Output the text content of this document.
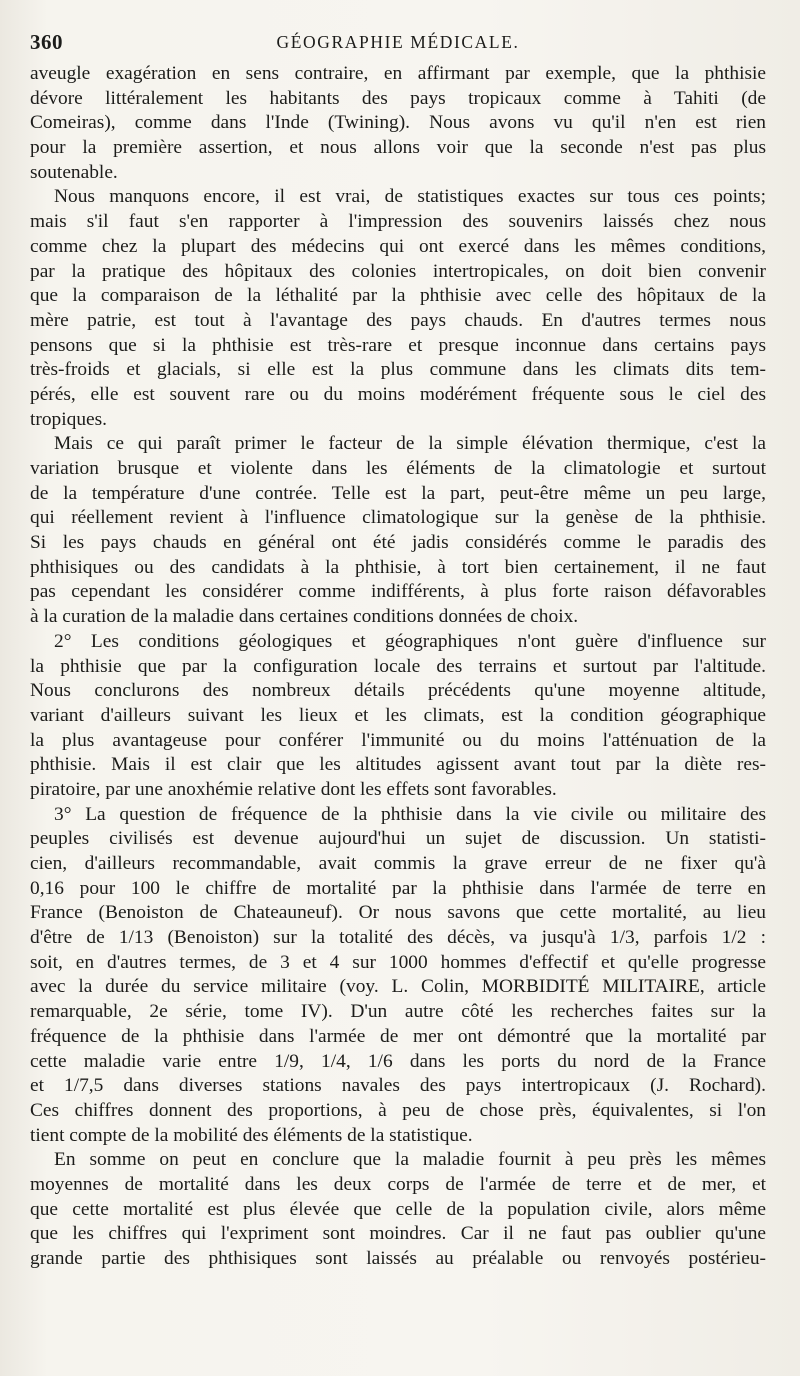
360	GÉOGRAPHIE MÉDICALE.
aveugle exagération en sens contraire, en affirmant par exemple, que la phthisie
dévore littéralement les habitants des pays tropicaux comme à Tahiti (de
Comeiras), comme dans l'Inde (Twining). Nous avons vu qu'il n'en est rien
pour la première assertion, et nous allons voir que la seconde n'est pas plus
soutenable.
Nous manquons encore, il est vrai, de statistiques exactes sur tous ces points;
mais s'il faut s'en rapporter à l'impression des souvenirs laissés chez nous
comme chez la plupart des médecins qui ont exercé dans les mêmes conditions,
par la pratique des hôpitaux des colonies intertropicales, on doit bien convenir
que la comparaison de la léthalité par la phthisie avec celle des hôpitaux de la
mère patrie, est tout à l'avantage des pays chauds. En d'autres termes nous
pensons que si la phthisie est très-rare et presque inconnue dans certains pays
très-froids et glacials, si elle est la plus commune dans les climats dits tem-
pérés, elle est souvent rare ou du moins modérément fréquente sous le ciel des
tropiques.
Mais ce qui paraît primer le facteur de la simple élévation thermique, c'est la
variation brusque et violente dans les éléments de la climatologie et surtout
de la température d'une contrée. Telle est la part, peut-être même un peu large,
qui réellement revient à l'influence climatologique sur la genèse de la phthisie.
Si les pays chauds en général ont été jadis considérés comme le paradis des
phthisiques ou des candidats à la phthisie, à tort bien certainement, il ne faut
pas cependant les considérer comme indifférents, à plus forte raison défavorables
à la curation de la maladie dans certaines conditions données de choix.
2° Les conditions géologiques et géographiques n'ont guère d'influence sur
la phthisie que par la configuration locale des terrains et surtout par l'altitude.
Nous conclurons des nombreux détails précédents qu'une moyenne altitude,
variant d'ailleurs suivant les lieux et les climats, est la condition géographique
la plus avantageuse pour conférer l'immunité ou du moins l'atténuation de la
phthisie. Mais il est clair que les altitudes agissent avant tout par la diète res-
piratoire, par une anoxhémie relative dont les effets sont favorables.
3° La question de fréquence de la phthisie dans la vie civile ou militaire des
peuples civilisés est devenue aujourd'hui un sujet de discussion. Un statisti-
cien, d'ailleurs recommandable, avait commis la grave erreur de ne fixer qu'à
0,16 pour 100 le chiffre de mortalité par la phthisie dans l'armée de terre en
France (Benoiston de Chateauneuf). Or nous savons que cette mortalité, au lieu
d'être de 1/13 (Benoiston) sur la totalité des décès, va jusqu'à 1/3, parfois 1/2 :
soit, en d'autres termes, de 3 et 4 sur 1000 hommes d'effectif et qu'elle progresse
avec la durée du service militaire (voy. L. Colin, MORBIDITÉ MILITAIRE, article
remarquable, 2e série, tome IV). D'un autre côté les recherches faites sur la
fréquence de la phthisie dans l'armée de mer ont démontré que la mortalité par
cette maladie varie entre 1/9, 1/4, 1/6 dans les ports du nord de la France
et 1/7,5 dans diverses stations navales des pays intertropicaux (J. Rochard).
Ces chiffres donnent des proportions, à peu de chose près, équivalentes, si l'on
tient compte de la mobilité des éléments de la statistique.
En somme on peut en conclure que la maladie fournit à peu près les mêmes
moyennes de mortalité dans les deux corps de l'armée de terre et de mer, et
que cette mortalité est plus élevée que celle de la population civile, alors même
que les chiffres qui l'expriment sont moindres. Car il ne faut pas oublier qu'une
grande partie des phthisiques sont laissés au préalable ou renvoyés postérieu-
